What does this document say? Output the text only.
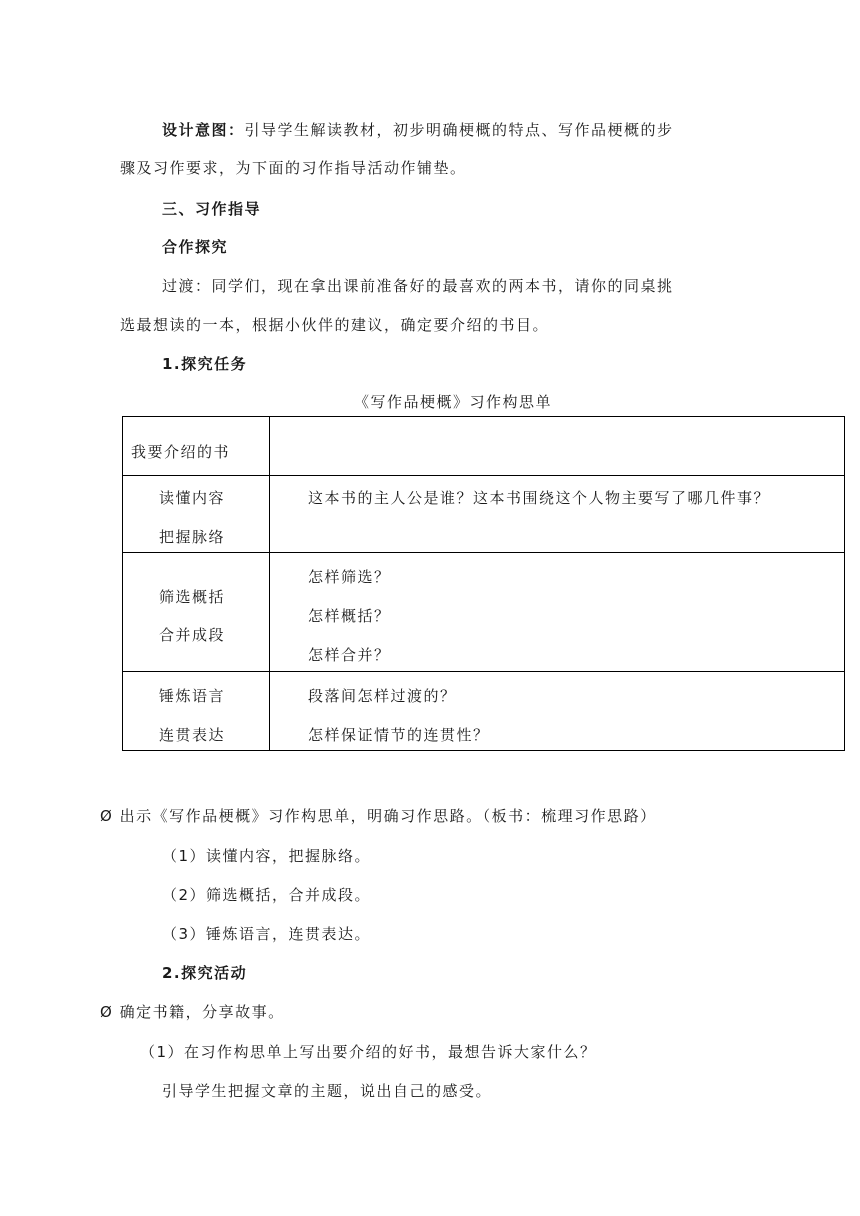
设计意图：引导学生解读教材，初步明确梗概的特点、写作品梗概的步
骤及习作要求，为下面的习作指导活动作铺垫。
三、习作指导
合作探究
过渡：同学们，现在拿出课前准备好的最喜欢的两本书，请你的同桌挑
选最想读的一本，根据小伙伴的建议，确定要介绍的书目。
1.探究任务
《写作品梗概》习作构思单
我要介绍的书	

读懂内容
把握脉络	这本书的主人公是谁？这本书围绕这个人物主要写了哪几件事？

筛选概括
合并成段	怎样筛选？
怎样概括？
怎样合并？

锤炼语言
连贯表达	段落间怎样过渡的？
怎样保证情节的连贯性？
Ø 出示《写作品梗概》习作构思单，明确习作思路。（板书：梳理习作思路）
（1）读懂内容，把握脉络。
（2）筛选概括，合并成段。
（3）锤炼语言，连贯表达。
2.探究活动
Ø 确定书籍，分享故事。
（1）在习作构思单上写出要介绍的好书，最想告诉大家什么？
引导学生把握文章的主题，说出自己的感受。
